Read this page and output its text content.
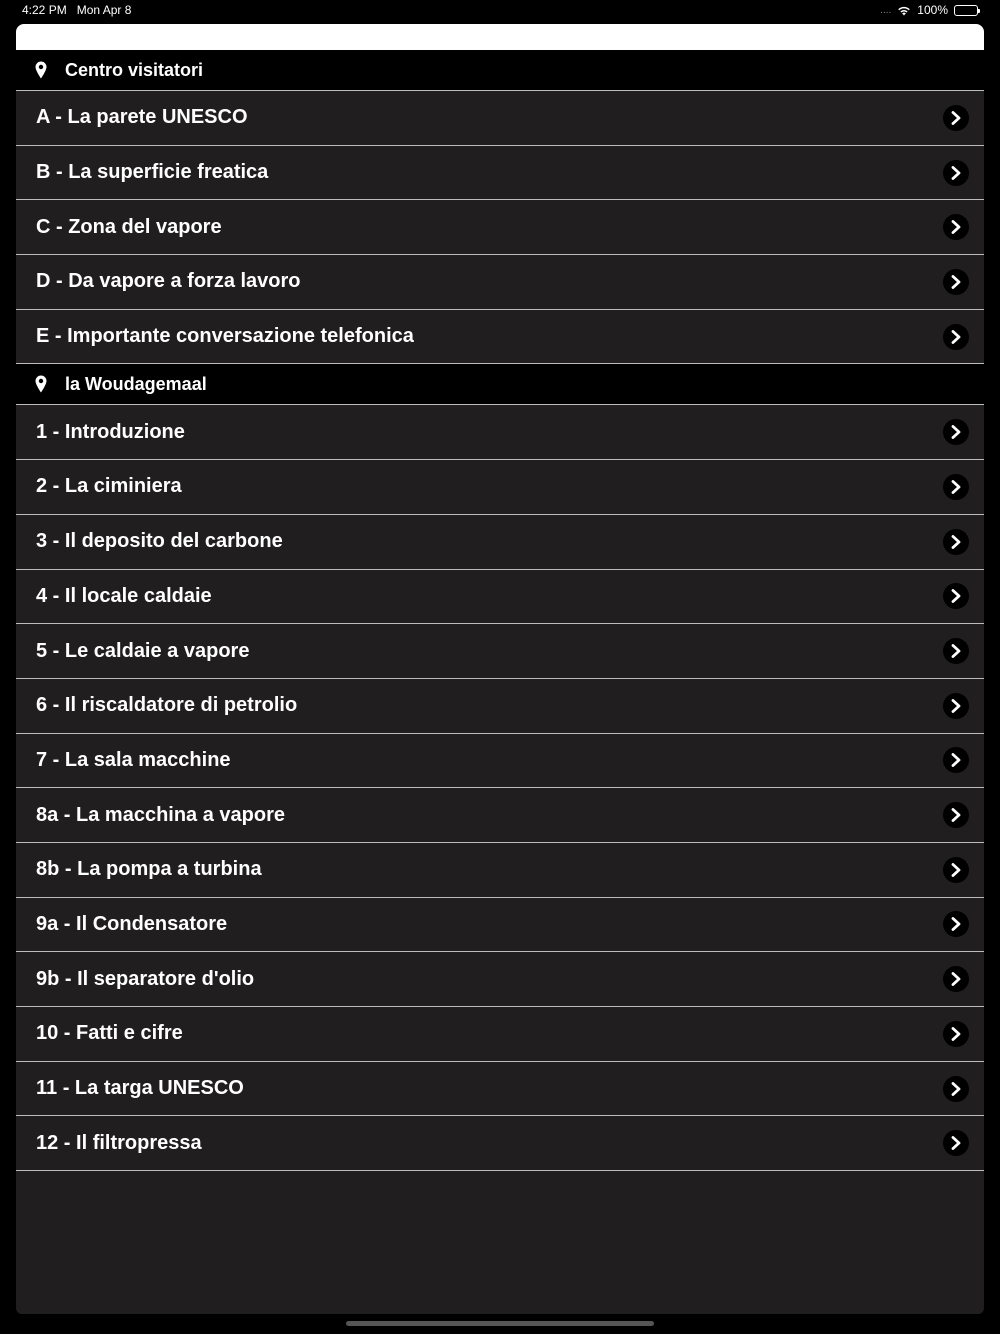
4:22 PM Mon Apr 8	.... 100%
Centro visitatori
A - La parete UNESCO
B - La superficie freatica
C - Zona del vapore
D - Da vapore a forza lavoro
E - Importante conversazione telefonica
la Woudagemaal
1 - Introduzione
2 - La ciminiera
3 - Il deposito del carbone
4 - Il locale caldaie
5 - Le caldaie a vapore
6 - Il riscaldatore di petrolio
7 - La sala macchine
8a - La macchina a vapore
8b - La pompa a turbina
9a - Il Condensatore
9b - Il separatore d'olio
10 - Fatti e cifre
11 - La targa UNESCO
12 - Il filtropressa
